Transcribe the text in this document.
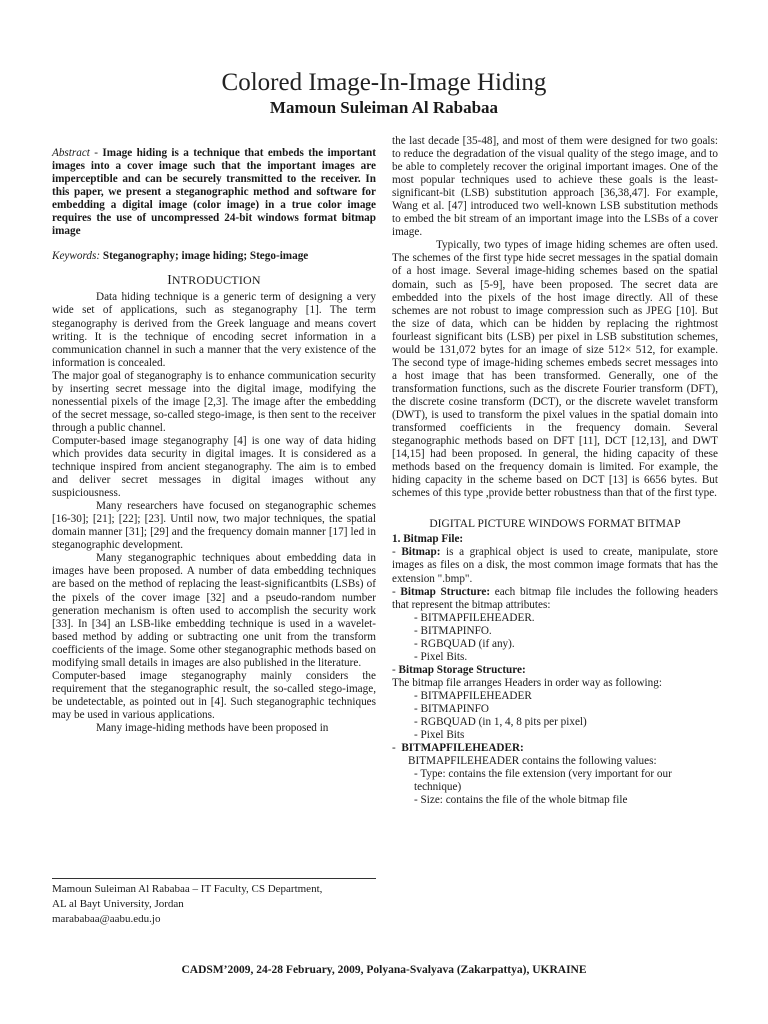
Colored Image-In-Image Hiding
Mamoun Suleiman Al Rababaa

Abstract - Image hiding is a technique that embeds the important images into a cover image such that the important images are imperceptible and can be securely transmitted to the receiver. In this paper, we present a steganographic method and software for embedding a digital image (color image) in a true color image requires the use of uncompressed 24-bit windows format bitmap image

Keywords: Steganography; image hiding; Stego-image

INTRODUCTION

Data hiding technique is a generic term of designing a very wide set of applications, such as steganography [1]. The term steganography is derived from the Greek language and means covert writing. It is the technique of encoding secret information in a communication channel in such a manner that the very existence of the information is concealed.

The major goal of steganography is to enhance communication security by inserting secret message into the digital image, modifying the nonessential pixels of the image [2,3]. The image after the embedding of the secret message, so-called stego-image, is then sent to the receiver through a public channel.

Computer-based image steganography [4] is one way of data hiding which provides data security in digital images. It is considered as a technique inspired from ancient steganography. The aim is to embed and deliver secret messages in digital images without any suspiciousness.

Many researchers have focused on steganographic schemes [16-30]; [21]; [22]; [23]. Until now, two major techniques, the spatial domain manner [31]; [29] and the frequency domain manner [17] led in steganographic development.

Many steganographic techniques about embedding data in images have been proposed. A number of data embedding techniques are based on the method of replacing the least-significantbits (LSBs) of the pixels of the cover image [32] and a pseudo-random number generation mechanism is often used to accomplish the security work [33]. In [34] an LSB-like embedding technique is used in a wavelet-based method by adding or subtracting one unit from the transform coefficients of the image. Some other steganographic methods based on modifying small details in images are also published in the literature.

Computer-based image steganography mainly considers the requirement that the steganographic result, the so-called stego-image, be undetectable, as pointed out in [4]. Such steganographic techniques may be used in various applications.

Many image-hiding methods have been proposed in

the last decade [35-48], and most of them were designed for two goals: to reduce the degradation of the visual quality of the stego image, and to be able to completely recover the original important images. One of the most popular techniques used to achieve these goals is the least-significant-bit (LSB) substitution approach [36,38,47]. For example, Wang et al. [47] introduced two well-known LSB substitution methods to embed the bit stream of an important image into the LSBs of a cover image.

Typically, two types of image hiding schemes are often used. The schemes of the first type hide secret messages in the spatial domain of a host image. Several image-hiding schemes based on the spatial domain, such as [5-9], have been proposed. The secret data are embedded into the pixels of the host image directly. All of these schemes are not robust to image compression such as JPEG [10]. But the size of data, which can be hidden by replacing the rightmost fourleast significant bits (LSB) per pixel in LSB substitution schemes, would be 131,072 bytes for an image of size 512× 512, for example. The second type of image-hiding schemes embeds secret messages into a host image that has been transformed. Generally, one of the transformation functions, such as the discrete Fourier transform (DFT), the discrete cosine transform (DCT), or the discrete wavelet transform (DWT), is used to transform the pixel values in the spatial domain into transformed coefficients in the frequency domain. Several steganographic methods based on DFT [11], DCT [12,13], and DWT [14,15] had been proposed. In general, the hiding capacity of these methods based on the frequency domain is limited. For example, the hiding capacity in the scheme based on DCT [13] is 6656 bytes. But schemes of this type ,provide better robustness than that of the first type.

DIGITAL PICTURE WINDOWS FORMAT BITMAP

1. Bitmap File:

- Bitmap: is a graphical object is used to create, manipulate, store images as files on a disk, the most common image formats that has the extension ".bmp".

- Bitmap Structure: each bitmap file includes the following headers that represent the bitmap attributes:

- BITMAPFILEHEADER.
- BITMAPINFO.
- RGBQUAD (if any).
- Pixel Bits.

- Bitmap Storage Structure:

The bitmap file arranges Headers in order way as following:

- BITMAPFILEHEADER
- BITMAPINFO
- RGBQUAD (in 1, 4, 8 pits per pixel)
- Pixel Bits

-  BITMAPFILEHEADER:

BITMAPFILEHEADER contains the following values:

- Type: contains the file extension (very important for our technique)
- Size: contains the file of the whole bitmap file
Mamoun Suleiman Al Rababaa – IT Faculty, CS Department,
AL al Bayt University, Jordan
marababaa@aabu.edu.jo
CADSM’2009, 24-28 February, 2009, Polyana-Svalyava (Zakarpattya), UKRAINE
